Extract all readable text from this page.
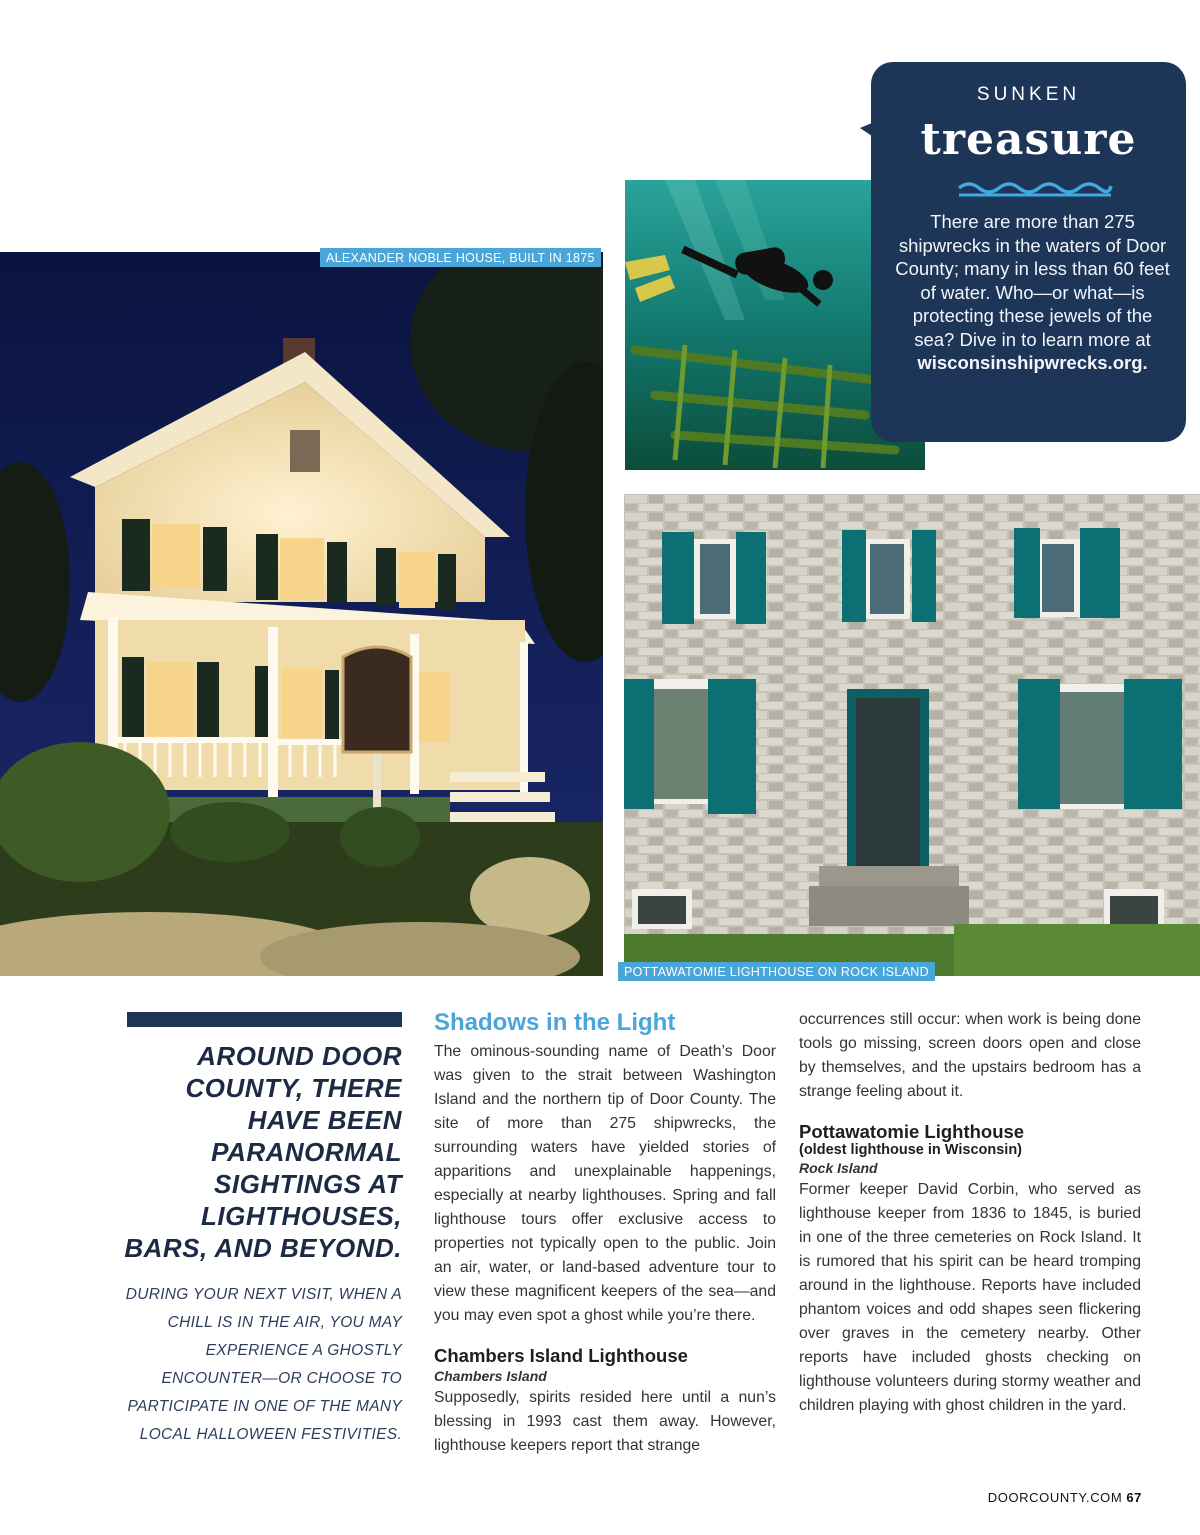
ALEXANDER NOBLE HOUSE, BUILT IN 1875
POTTAWATOMIE LIGHTHOUSE ON ROCK ISLAND
SUNKEN
treasure
There are more than 275 shipwrecks in the waters of Door County; many in less than 60 feet of water. Who—or what—is protecting these jewels of the sea? Dive in to learn more at
wisconsinshipwrecks.org.
AROUND DOOR COUNTY, THERE HAVE BEEN PARANORMAL SIGHTINGS AT LIGHTHOUSES, BARS, AND BEYOND.
DURING YOUR NEXT VISIT, WHEN A CHILL IS IN THE AIR, YOU MAY EXPERIENCE A GHOSTLY ENCOUNTER—OR CHOOSE TO PARTICIPATE IN ONE OF THE MANY LOCAL HALLOWEEN FESTIVITIES.
Shadows in the Light

The ominous-sounding name of Death’s Door was given to the strait between Washington Island and the northern tip of Door County. The site of more than 275 shipwrecks, the surrounding waters have yielded stories of apparitions and unexplainable happenings, especially at nearby lighthouses. Spring and fall lighthouse tours offer exclusive access to properties not typically open to the public. Join an air, water, or land-based adventure tour to view these magnificent keepers of the sea—and you may even spot a ghost while you’re there.

Chambers Island Lighthouse
Chambers Island

Supposedly, spirits resided here until a nun’s blessing in 1993 cast them away. However, lighthouse keepers report that strange

occurrences still occur: when work is being done tools go missing, screen doors open and close by themselves, and the upstairs bedroom has a strange feeling about it.

Pottawatomie Lighthouse
(oldest lighthouse in Wisconsin)
Rock Island

Former keeper David Corbin, who served as lighthouse keeper from 1836 to 1845, is buried in one of the three cemeteries on Rock Island. It is rumored that his spirit can be heard tromping around in the lighthouse. Reports have included phantom voices and odd shapes seen flickering over graves in the cemetery nearby. Other reports have included ghosts checking on lighthouse volunteers during stormy weather and children playing with ghost children in the yard.

DOORCOUNTY.COM 67
